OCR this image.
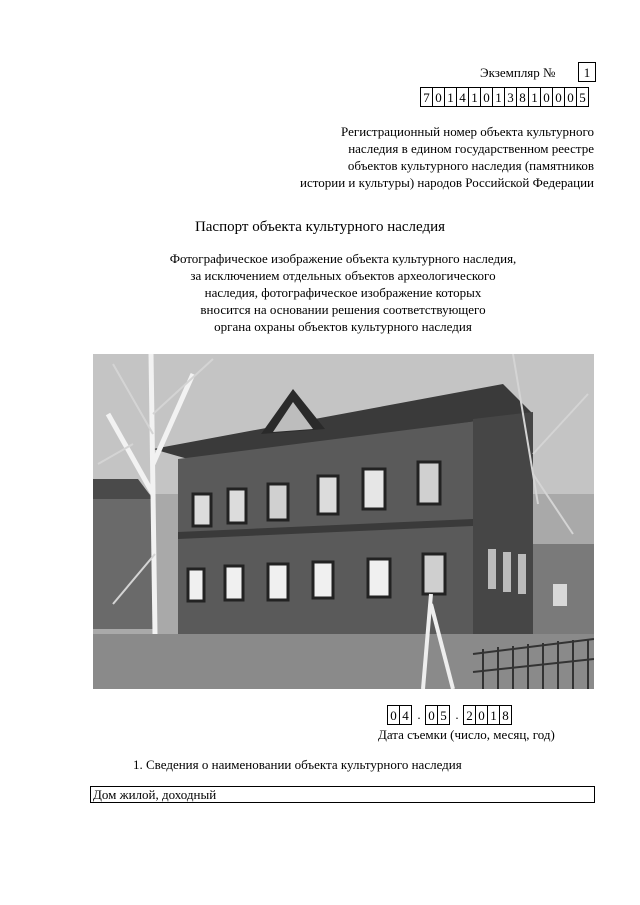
Экземпляр №	1
7 0 1 4 1 0 1 3 8 1 0 0 0 5
Регистрационный номер объекта культурного
наследия в едином государственном реестре
объектов культурного наследия (памятников
истории и культуры) народов Российской Федерации
Паспорт объекта культурного наследия
Фотографическое изображение объекта культурного наследия,
за исключением отдельных объектов археологического
наследия, фотографическое изображение которых
вносится на основании решения соответствующего
органа охраны объектов культурного наследия
0 4 . 0 5 . 2 0 1 8
Дата съемки (число, месяц, год)
1. Сведения о наименовании объекта культурного наследия
Дом жилой, доходный
